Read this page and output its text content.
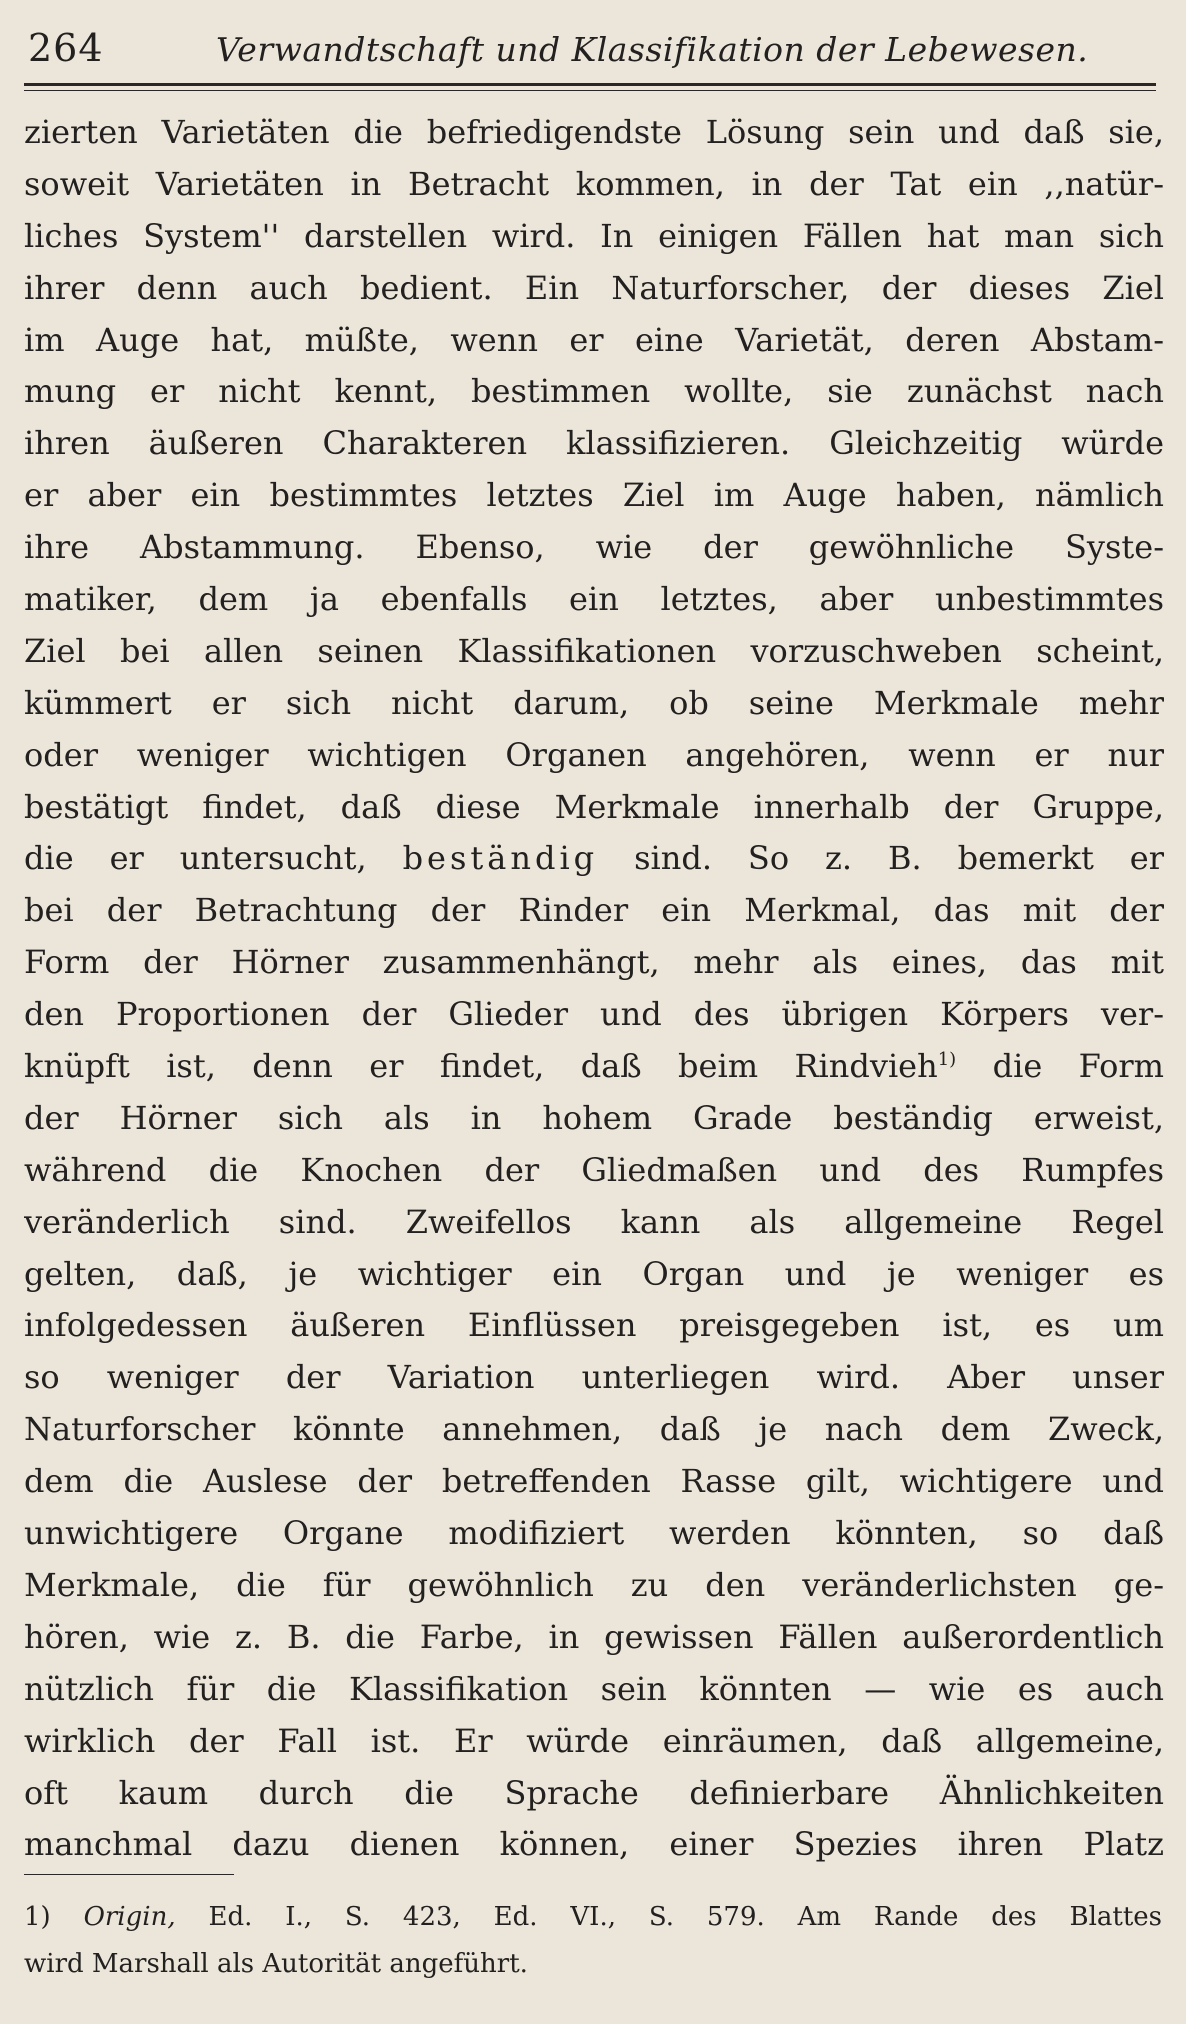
264	Verwandtschaft und Klassifikation der Lebewesen.
zierten Varietäten die befriedigendste Lösung sein und daß sie,
soweit Varietäten in Betracht kommen, in der Tat ein ,,natür-
liches System'' darstellen wird. In einigen Fällen hat man sich
ihrer denn auch bedient. Ein Naturforscher, der dieses Ziel
im Auge hat, müßte, wenn er eine Varietät, deren Abstam-
mung er nicht kennt, bestimmen wollte, sie zunächst nach
ihren äußeren Charakteren klassifizieren. Gleichzeitig würde
er aber ein bestimmtes letztes Ziel im Auge haben, nämlich
ihre Abstammung. Ebenso, wie der gewöhnliche Syste-
matiker, dem ja ebenfalls ein letztes, aber unbestimmtes
Ziel bei allen seinen Klassifikationen vorzuschweben scheint,
kümmert er sich nicht darum, ob seine Merkmale mehr
oder weniger wichtigen Organen angehören, wenn er nur
bestätigt findet, daß diese Merkmale innerhalb der Gruppe,
die er untersucht, beständig sind. So z. B. bemerkt er
bei der Betrachtung der Rinder ein Merkmal, das mit der
Form der Hörner zusammenhängt, mehr als eines, das mit
den Proportionen der Glieder und des übrigen Körpers ver-
knüpft ist, denn er findet, daß beim Rindvieh$^{1)}$ die Form
der Hörner sich als in hohem Grade beständig erweist,
während die Knochen der Gliedmaßen und des Rumpfes
veränderlich sind. Zweifellos kann als allgemeine Regel
gelten, daß, je wichtiger ein Organ und je weniger es
infolgedessen äußeren Einflüssen preisgegeben ist, es um
so weniger der Variation unterliegen wird. Aber unser
Naturforscher könnte annehmen, daß je nach dem Zweck,
dem die Auslese der betreffenden Rasse gilt, wichtigere und
unwichtigere Organe modifiziert werden könnten, so daß
Merkmale, die für gewöhnlich zu den veränderlichsten ge-
hören, wie z. B. die Farbe, in gewissen Fällen außerordentlich
nützlich für die Klassifikation sein könnten — wie es auch
wirklich der Fall ist. Er würde einräumen, daß allgemeine,
oft kaum durch die Sprache definierbare Ähnlichkeiten
manchmal dazu dienen können, einer Spezies ihren Platz
1) Origin, Ed. I., S. 423, Ed. VI., S. 579. Am Rande des Blattes
wird Marshall als Autorität angeführt.
